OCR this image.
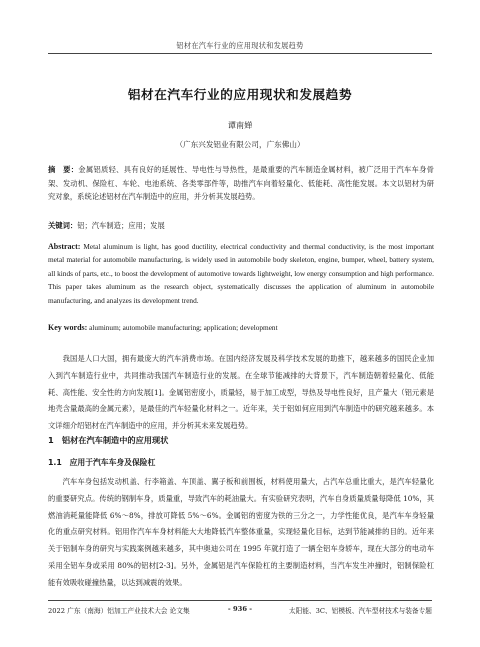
铝材在汽车行业的应用现状和发展趋势
铝材在汽车行业的应用现状和发展趋势
谭南婵
（广东兴发铝业有限公司，广东佛山）
摘　要：金属铝质轻、具有良好的延展性、导电性与导热性，是最重要的汽车制造金属材料，被广泛用于汽车车身骨架、发动机、保险杠、车轮、电池系统、各类零部件等，助推汽车向着轻量化、低能耗、高性能发展。本文以铝材为研究对象，系统论述铝材在汽车制造中的应用，并分析其发展趋势。
关键词：铝；汽车制造；应用；发展
Abstract: Metal aluminum is light, has good ductility, electrical conductivity and thermal conductivity, is the most important metal material for automobile manufacturing, is widely used in automobile body skeleton, engine, bumper, wheel, battery system, all kinds of parts, etc., to boost the development of automotive towards lightweight, low energy consumption and high performance. This paper takes aluminum as the research object, systematically discusses the application of aluminum in automobile manufacturing, and analyzes its development trend.
Key words: aluminum; automobile manufacturing; application; development
我国是人口大国，拥有最庞大的汽车消费市场。在国内经济发展及科学技术发展的助推下，越来越多的国民企业加入到汽车制造行业中，共同推动我国汽车制造行业的发展。在全球节能减排的大背景下，汽车制造朝着轻量化、低能耗、高性能、安全性的方向发展[1]。金属铝密度小，质量轻，易于加工成型，导热及导电性良好，且产量大（铝元素是地壳含量最高的金属元素），是最佳的汽车轻量化材料之一。近年来，关于铝如何应用到汽车制造中的研究越来越多。本文详细介绍铝材在汽车制造中的应用，并分析其未来发展趋势。
1　铝材在汽车制造中的应用现状
1.1　应用于汽车车身及保险杠
汽车车身包括发动机盖、行李箱盖、车顶盖、翼子板和前围板，材料使用量大，占汽车总重比重大，是汽车轻量化的重要研究点。传统的钢制车身，质量重，导致汽车的耗油量大。有实验研究表明，汽车自身质量质量每降低 10%，其燃油消耗量能降低 6%～8%，排放可降低 5%～6%。金属铝的密度为铁的三分之一，力学性能优良，是汽车车身轻量化的重点研究材料。铝用作汽车车身材料能大大地降低汽车整体重量，实现轻量化目标，达到节能减排的目的。近年来关于铝制车身的研究与实践案例越来越多，其中奥迪公司在 1995 年就打造了一辆全铝车身轿车，现在大部分的电动车采用全铝车身或采用 80%的铝材[2-3]。另外，金属铝是汽车保险杠的主要制造材料，当汽车发生冲撞时，铝制保险杠能有效吸收碰撞热量，以达到减震的效果。
2022 广东（南海）铝加工产业技术大会 论文集	- 936 -	太阳能、3C、铝模板、汽车型材技术与装备专题
